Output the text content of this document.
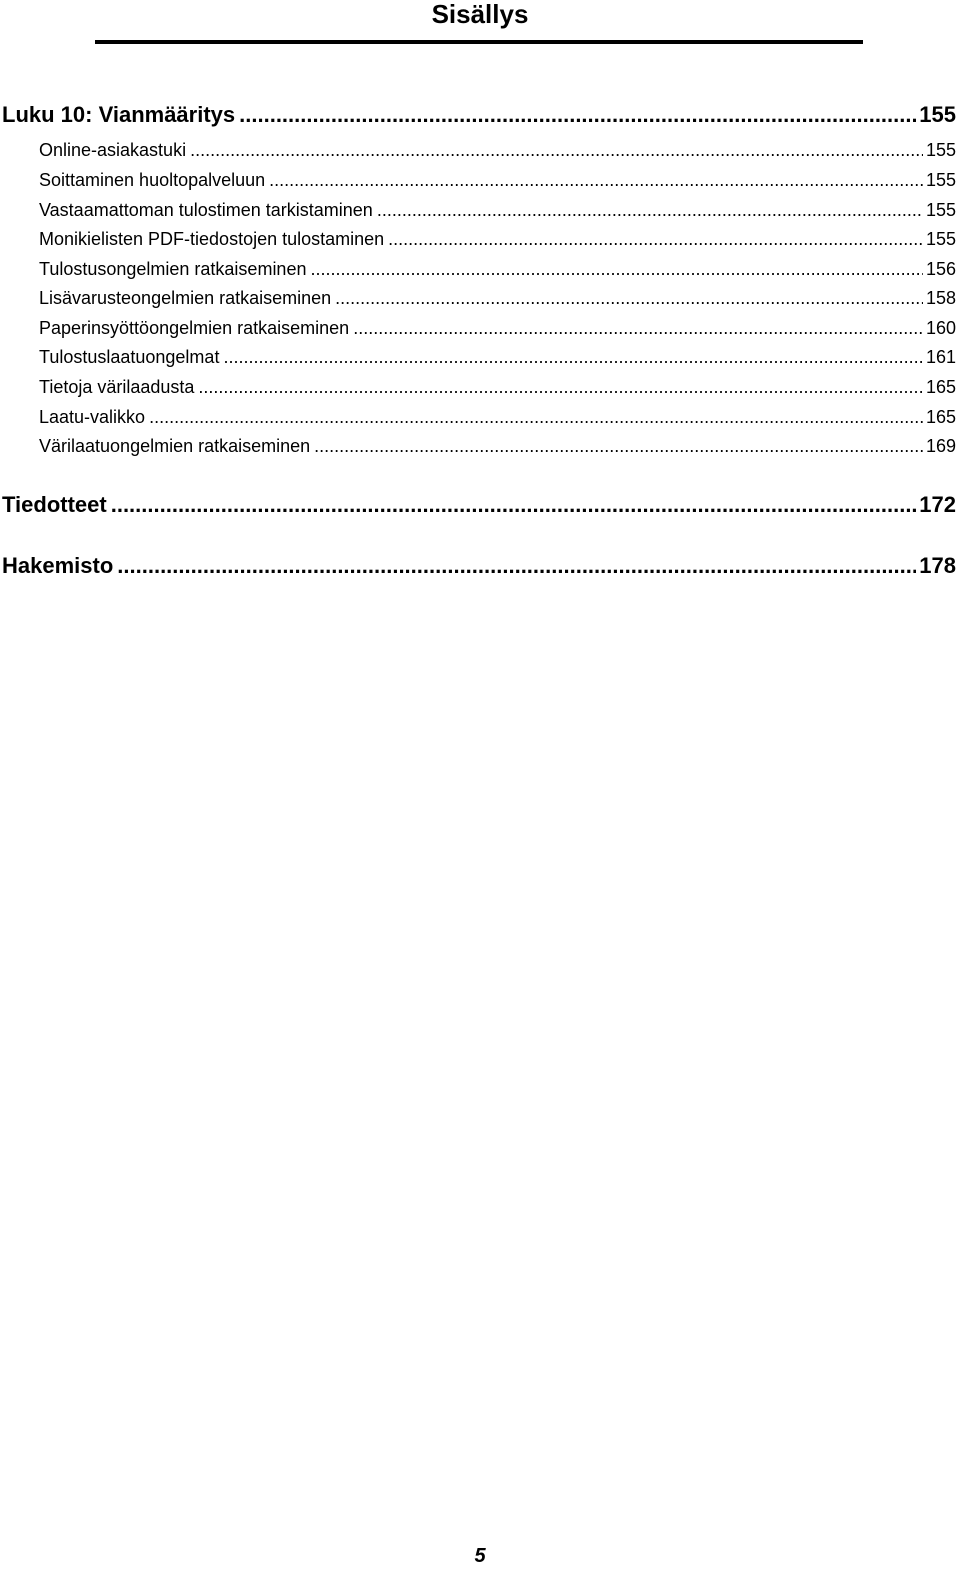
Sisällys
Luku 10: Vianmääritys .....	155
Online-asiakastuki .....	155
Soittaminen huoltopalveluun .....	155
Vastaamattoman tulostimen tarkistaminen .....	155
Monikielisten PDF-tiedostojen tulostaminen .....	155
Tulostusongelmien ratkaiseminen .....	156
Lisävarusteongelmien ratkaiseminen .....	158
Paperinsyöttöongelmien ratkaiseminen .....	160
Tulostuslaatuongelmat .....	161
Tietoja värilaadusta .....	165
Laatu-valikko .....	165
Värilaatuongelmien ratkaiseminen .....	169
Tiedotteet .....	172
Hakemisto .....	178
5
